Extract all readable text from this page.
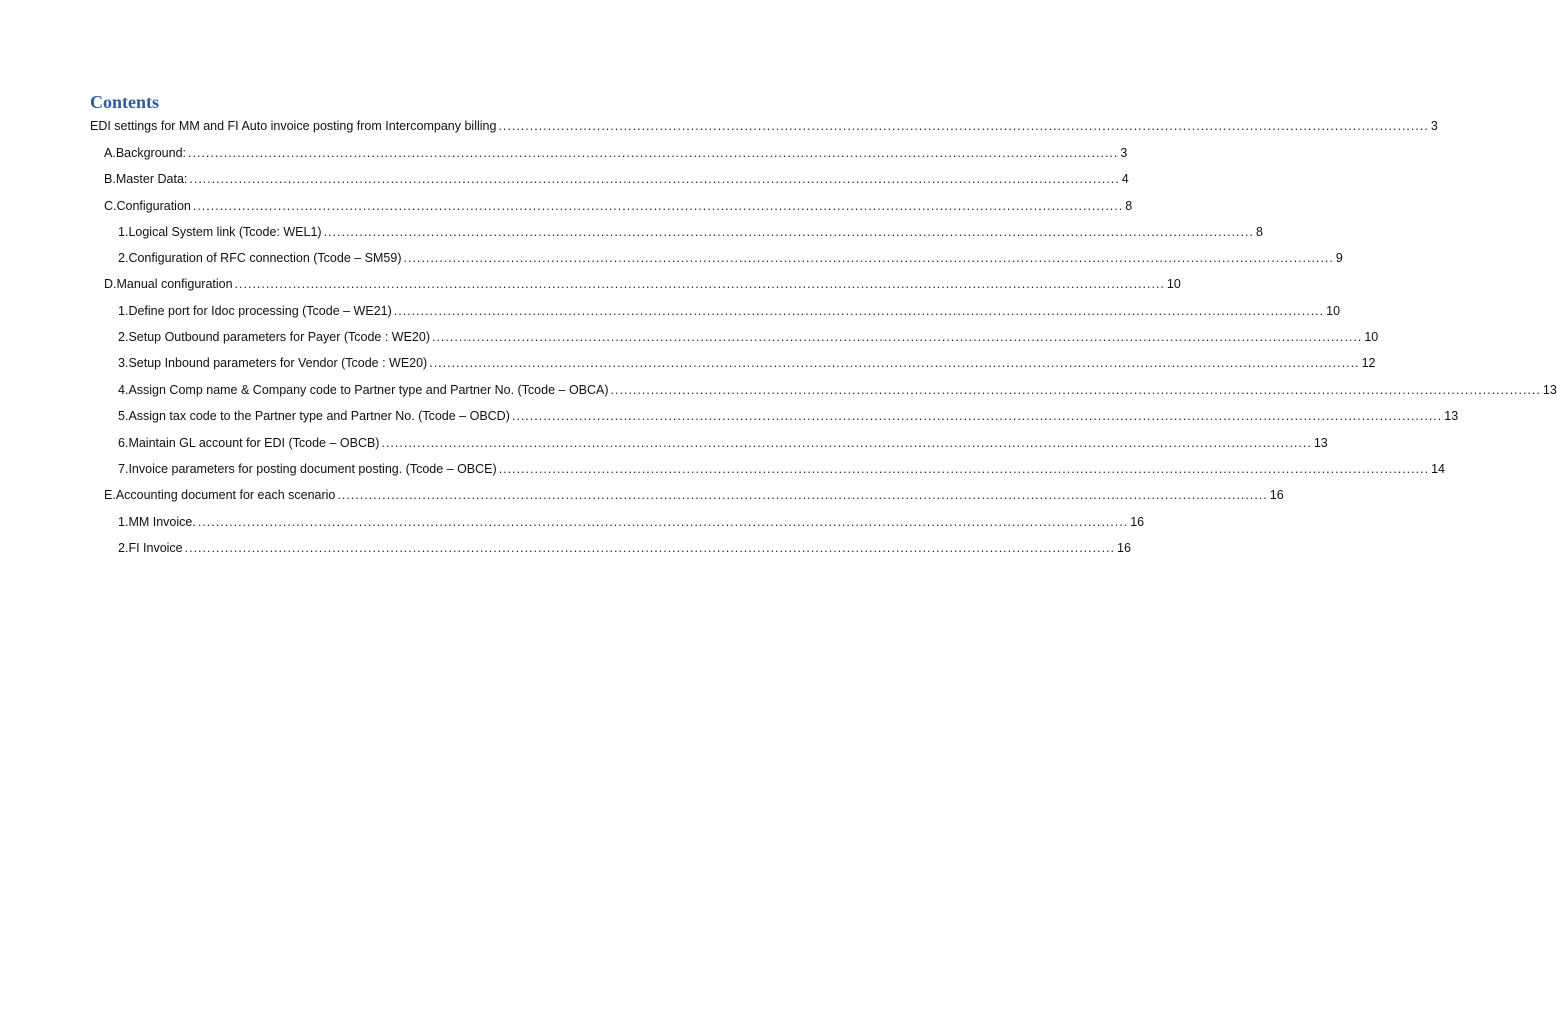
Contents
EDI settings for MM and FI Auto invoice posting from Intercompany billing ................................................................................................................................................................................................................ 3
A. Background: ................................................................................................................................................................................................................ 3
B. Master Data: ................................................................................................................................................................................................................ 4
C. Configuration ................................................................................................................................................................................................................ 8
1. Logical System link (Tcode: WEL1) ................................................................................................................................................................................................................ 8
2. Configuration of RFC connection (Tcode – SM59) ................................................................................................................................................................................................................ 9
D. Manual configuration ................................................................................................................................................................................................................ 10
1. Define port for Idoc processing (Tcode – WE21) ................................................................................................................................................................................................................ 10
2. Setup Outbound parameters for Payer (Tcode : WE20) ................................................................................................................................................................................................................ 10
3. Setup Inbound parameters for Vendor (Tcode : WE20) ................................................................................................................................................................................................................ 12
4. Assign Comp name & Company code to Partner type and Partner No. (Tcode – OBCA) ................................................................................................................................................................................................................ 13
5. Assign tax code to the Partner type and Partner No. (Tcode – OBCD) ................................................................................................................................................................................................................ 13
6. Maintain GL account for EDI (Tcode – OBCB) ................................................................................................................................................................................................................ 13
7. Invoice parameters for posting document posting. (Tcode – OBCE) ................................................................................................................................................................................................................ 14
E. Accounting document for each scenario ................................................................................................................................................................................................................ 16
1. MM Invoice. ................................................................................................................................................................................................................ 16
2. FI Invoice ................................................................................................................................................................................................................ 16
